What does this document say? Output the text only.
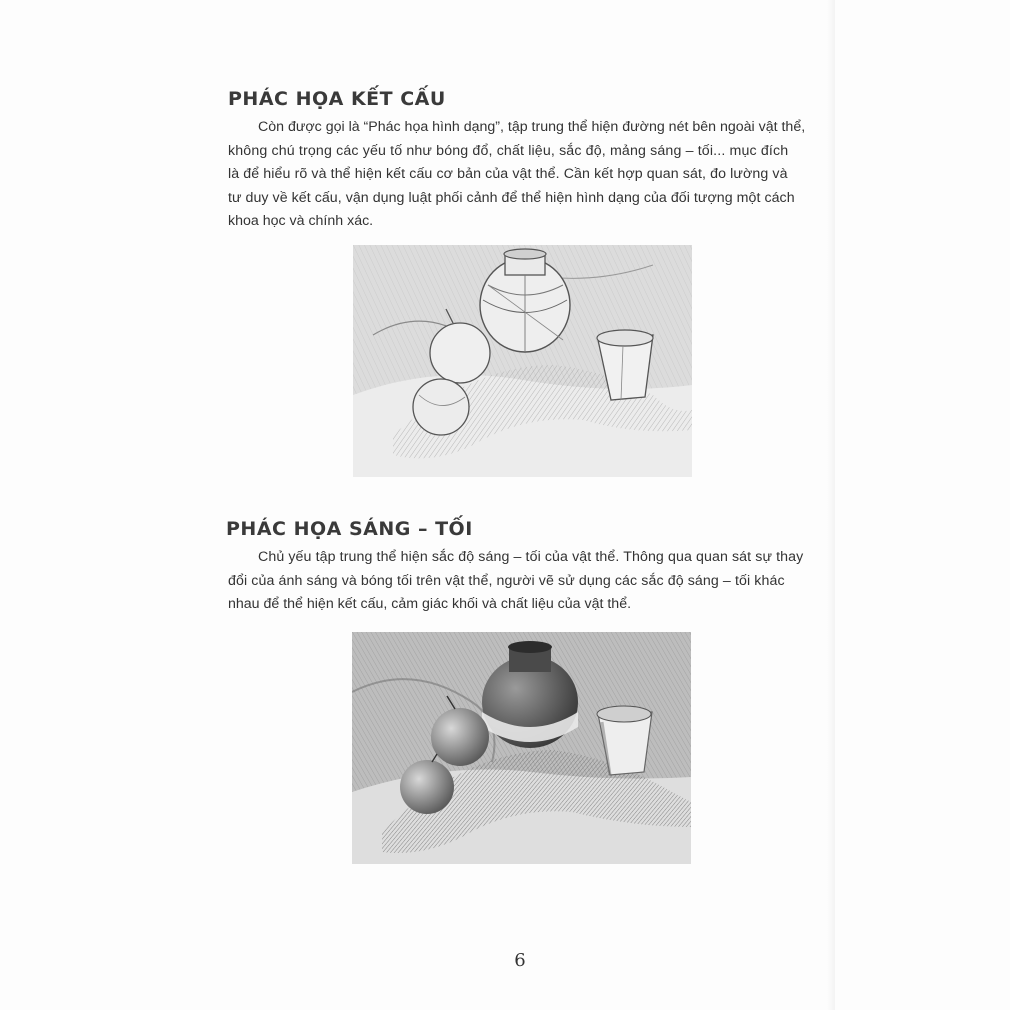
PHÁC HỌA KẾT CẤU
Còn được gọi là “Phác họa hình dạng”, tập trung thể hiện đường nét bên ngoài vật thể,
không chú trọng các yếu tố như bóng đổ, chất liệu, sắc độ, mảng sáng – tối... mục đích
là để hiểu rõ và thể hiện kết cấu cơ bản của vật thể. Cần kết hợp quan sát, đo lường và
tư duy về kết cấu, vận dụng luật phối cảnh để thể hiện hình dạng của đối tượng một cách
khoa học và chính xác.
PHÁC HỌA SÁNG – TỐI
Chủ yếu tập trung thể hiện sắc độ sáng – tối của vật thể. Thông qua quan sát sự thay
đổi của ánh sáng và bóng tối trên vật thể, người vẽ sử dụng các sắc độ sáng – tối khác
nhau để thể hiện kết cấu, cảm giác khối và chất liệu của vật thể.
6
